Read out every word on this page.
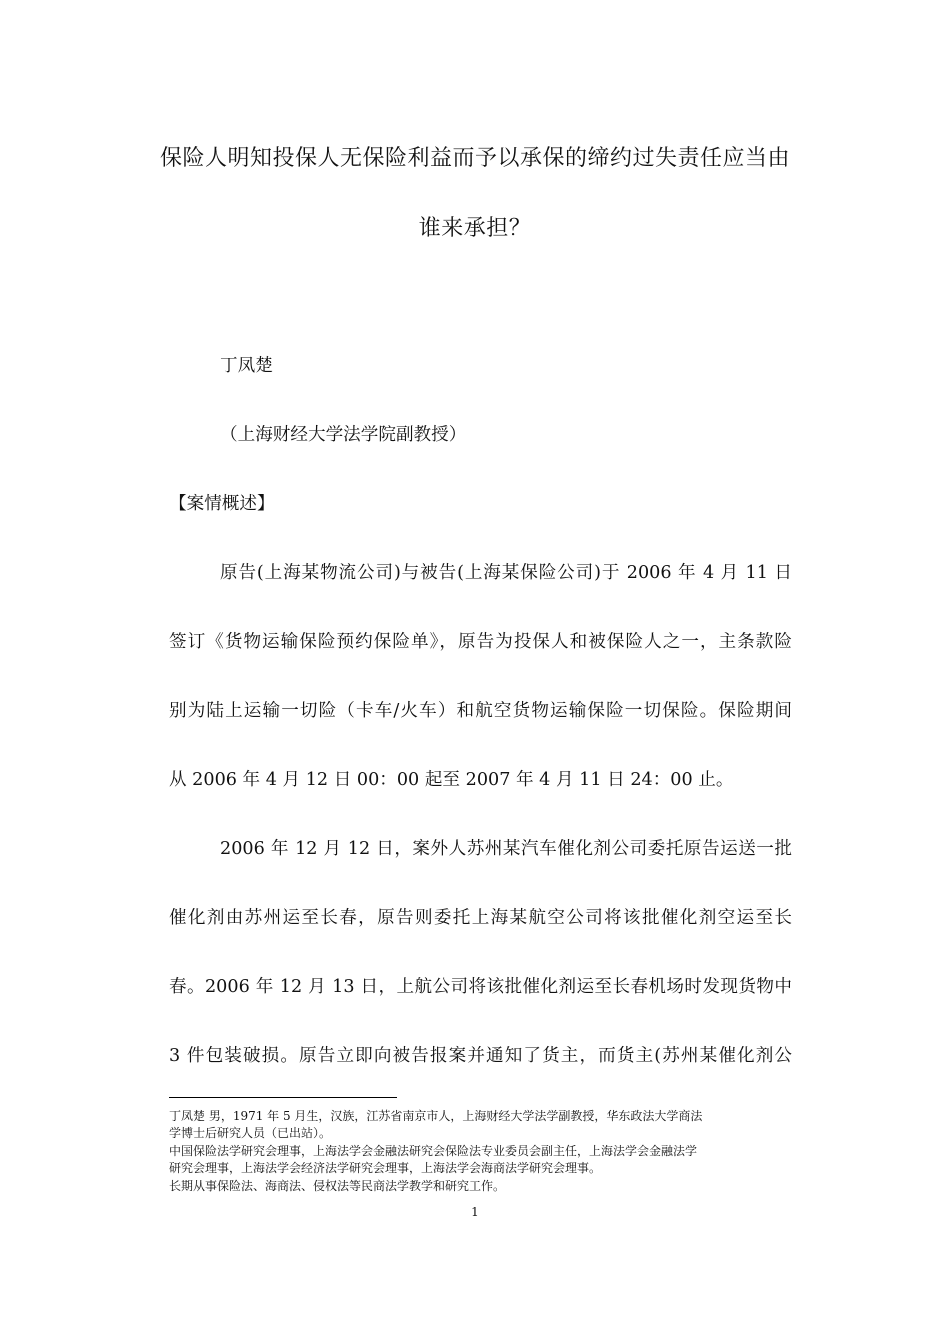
保险人明知投保人无保险利益而予以承保的缔约过失责任应当由
谁来承担？
丁凤楚
（上海财经大学法学院副教授）
【案情概述】
原告(上海某物流公司)与被告(上海某保险公司)于 2006 年 4 月 11 日
签订《货物运输保险预约保险单》，原告为投保人和被保险人之一，主条款险
别为陆上运输一切险（卡车/火车）和航空货物运输保险一切保险。保险期间
从 2006 年 4 月 12 日 00：00 起至 2007 年 4 月 11 日 24：00 止。
2006 年 12 月 12 日，案外人苏州某汽车催化剂公司委托原告运送一批
催化剂由苏州运至长春，原告则委托上海某航空公司将该批催化剂空运至长
春。2006 年 12 月 13 日，上航公司将该批催化剂运至长春机场时发现货物中
3 件包装破损。原告立即向被告报案并通知了货主，而货主(苏州某催化剂公
丁凤楚 男，1971 年 5 月生，汉族，江苏省南京市人，上海财经大学法学副教授，华东政法大学商法
学博士后研究人员（已出站）。
中国保险法学研究会理事，上海法学会金融法研究会保险法专业委员会副主任，上海法学会金融法学
研究会理事，上海法学会经济法学研究会理事，上海法学会海商法学研究会理事。
长期从事保险法、海商法、侵权法等民商法学教学和研究工作。
1
